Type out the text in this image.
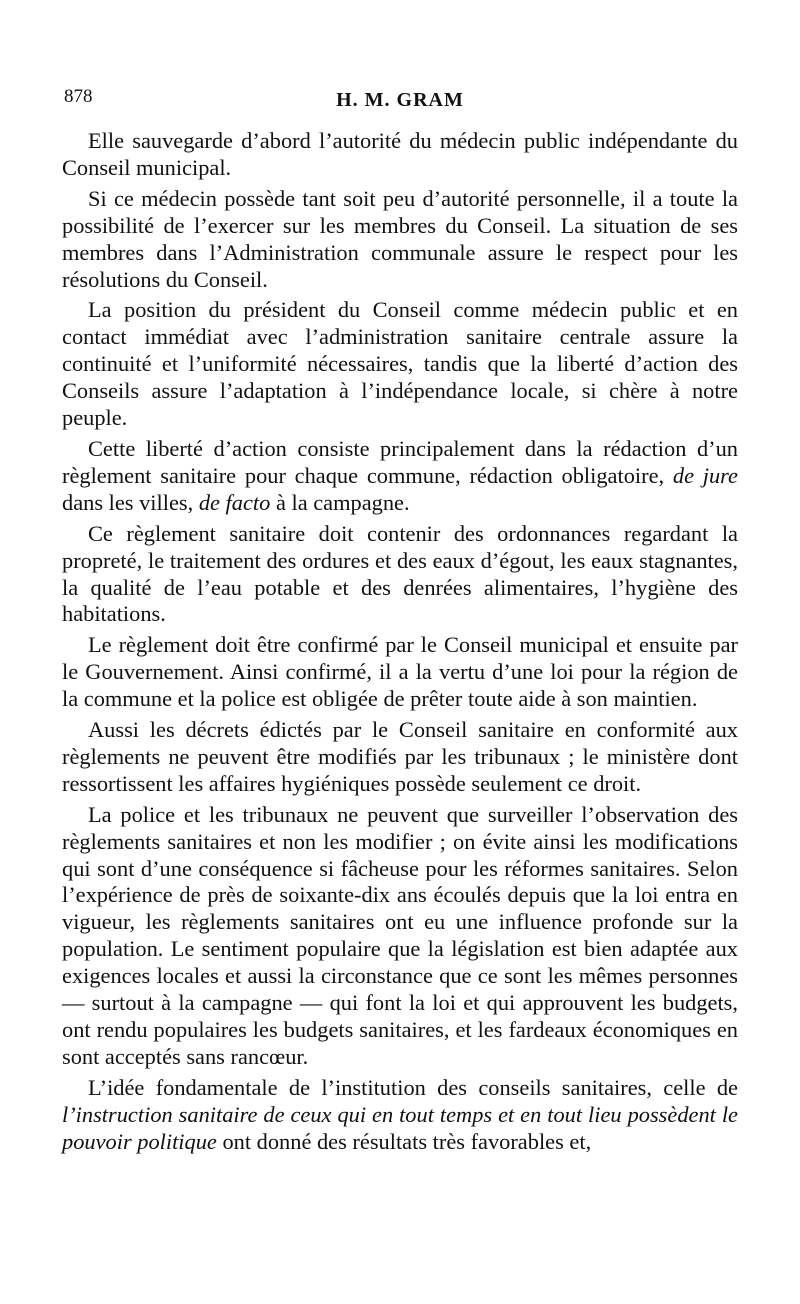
878	H. M. GRAM

Elle sauvegarde d’abord l’autorité du médecin public indépendante du Conseil municipal.

Si ce médecin possède tant soit peu d’autorité personnelle, il a toute la possibilité de l’exercer sur les membres du Conseil. La situation de ses membres dans l’Administration communale assure le respect pour les résolutions du Conseil.

La position du président du Conseil comme médecin public et en contact immédiat avec l’administration sanitaire centrale assure la continuité et l’uniformité nécessaires, tandis que la liberté d’action des Conseils assure l’adaptation à l’indépendance locale, si chère à notre peuple.

Cette liberté d’action consiste principalement dans la rédaction d’un règlement sanitaire pour chaque commune, rédaction obligatoire, de jure dans les villes, de facto à la campagne.

Ce règlement sanitaire doit contenir des ordonnances regardant la propreté, le traitement des ordures et des eaux d’égout, les eaux stagnantes, la qualité de l’eau potable et des denrées alimentaires, l’hygiène des habitations.

Le règlement doit être confirmé par le Conseil municipal et ensuite par le Gouvernement. Ainsi confirmé, il a la vertu d’une loi pour la région de la commune et la police est obligée de prêter toute aide à son maintien.

Aussi les décrets édictés par le Conseil sanitaire en conformité aux règlements ne peuvent être modifiés par les tribunaux ; le ministère dont ressortissent les affaires hygiéniques possède seulement ce droit.

La police et les tribunaux ne peuvent que surveiller l’observation des règlements sanitaires et non les modifier ; on évite ainsi les modifications qui sont d’une conséquence si fâcheuse pour les réformes sanitaires. Selon l’expérience de près de soixante-dix ans écoulés depuis que la loi entra en vigueur, les règlements sanitaires ont eu une influence profonde sur la population. Le sentiment populaire que la législation est bien adaptée aux exigences locales et aussi la circonstance que ce sont les mêmes personnes — surtout à la campagne — qui font la loi et qui approuvent les budgets, ont rendu populaires les budgets sanitaires, et les fardeaux économiques en sont acceptés sans rancœur.

L’idée fondamentale de l’institution des conseils sanitaires, celle de l’instruction sanitaire de ceux qui en tout temps et en tout lieu possèdent le pouvoir politique ont donné des résultats très favorables et,
